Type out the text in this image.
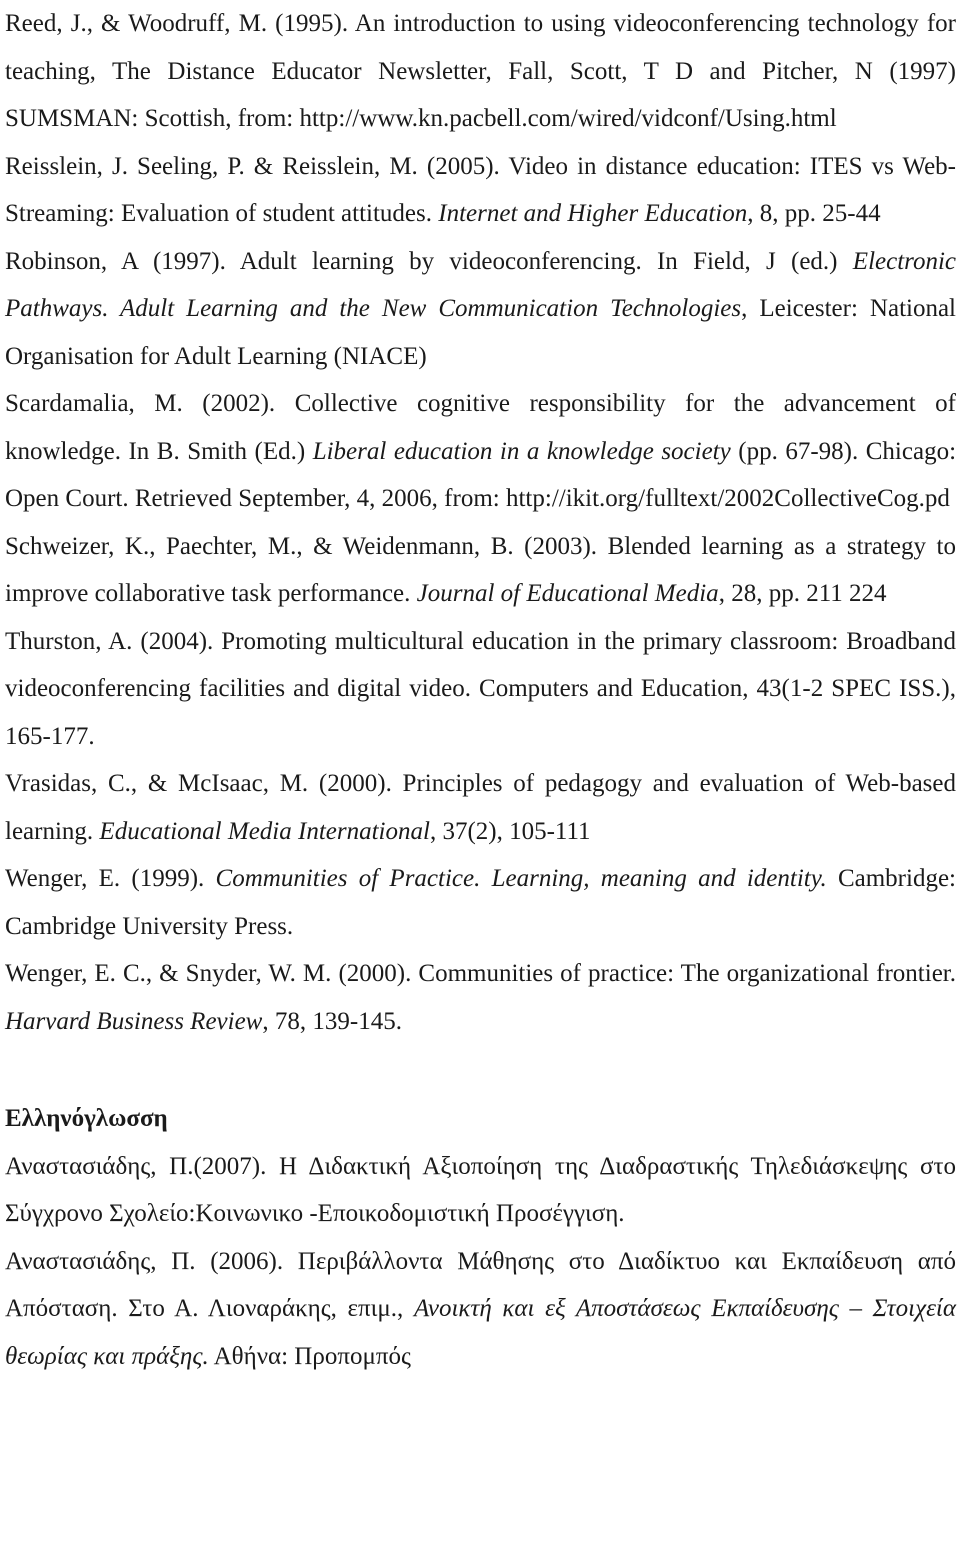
Reed, J., & Woodruff, M. (1995). An introduction to using videoconferencing technology for teaching, The Distance Educator Newsletter, Fall, Scott, T D and Pitcher, N (1997) SUMSMAN: Scottish, from: http://www.kn.pacbell.com/wired/vidconf/Using.html

Reisslein, J. Seeling, P. & Reisslein, M. (2005). Video in distance education: ITES vs Web-Streaming: Evaluation of student attitudes. Internet and Higher Education, 8, pp. 25-44

Robinson, A (1997). Adult learning by videoconferencing. In Field, J (ed.) Electronic Pathways. Adult Learning and the New Communication Technologies, Leicester: National Organisation for Adult Learning (NIACE)

Scardamalia, M. (2002). Collective cognitive responsibility for the advancement of knowledge. In B. Smith (Ed.) Liberal education in a knowledge society (pp. 67-98). Chicago: Open Court. Retrieved September, 4, 2006, from: http://ikit.org/fulltext/2002CollectiveCog.pd

Schweizer, K., Paechter, M., & Weidenmann, B. (2003). Blended learning as a strategy to improve collaborative task performance. Journal of Educational Media, 28, pp. 211 224

Thurston, A. (2004). Promoting multicultural education in the primary classroom: Broadband videoconferencing facilities and digital video. Computers and Education, 43(1-2 SPEC ISS.), 165-177.

Vrasidas, C., & McIsaac, M. (2000). Principles of pedagogy and evaluation of Web-based learning. Educational Media International, 37(2), 105-111

Wenger, E. (1999). Communities of Practice. Learning, meaning and identity. Cambridge: Cambridge University Press.

Wenger, E. C., & Snyder, W. M. (2000). Communities of practice: The organizational frontier. Harvard Business Review, 78, 139-145.

Ελληνόγλωσση

Αναστασιάδης, Π.(2007). Η Διδακτική Αξιοποίηση της Διαδραστικής Τηλεδιάσκεψης στο Σύγχρονο Σχολείο:Κοινωνικο -Εποικοδομιστική Προσέγγιση.

Αναστασιάδης, Π. (2006). Περιβάλλοντα Μάθησης στο Διαδίκτυο και Εκπαίδευση από Απόσταση. Στο Α. Λιοναράκης, επιμ., Ανοικτή και εξ Αποστάσεως Εκπαίδευσης – Στοιχεία θεωρίας και πράξης. Αθήνα: Προπομπός
